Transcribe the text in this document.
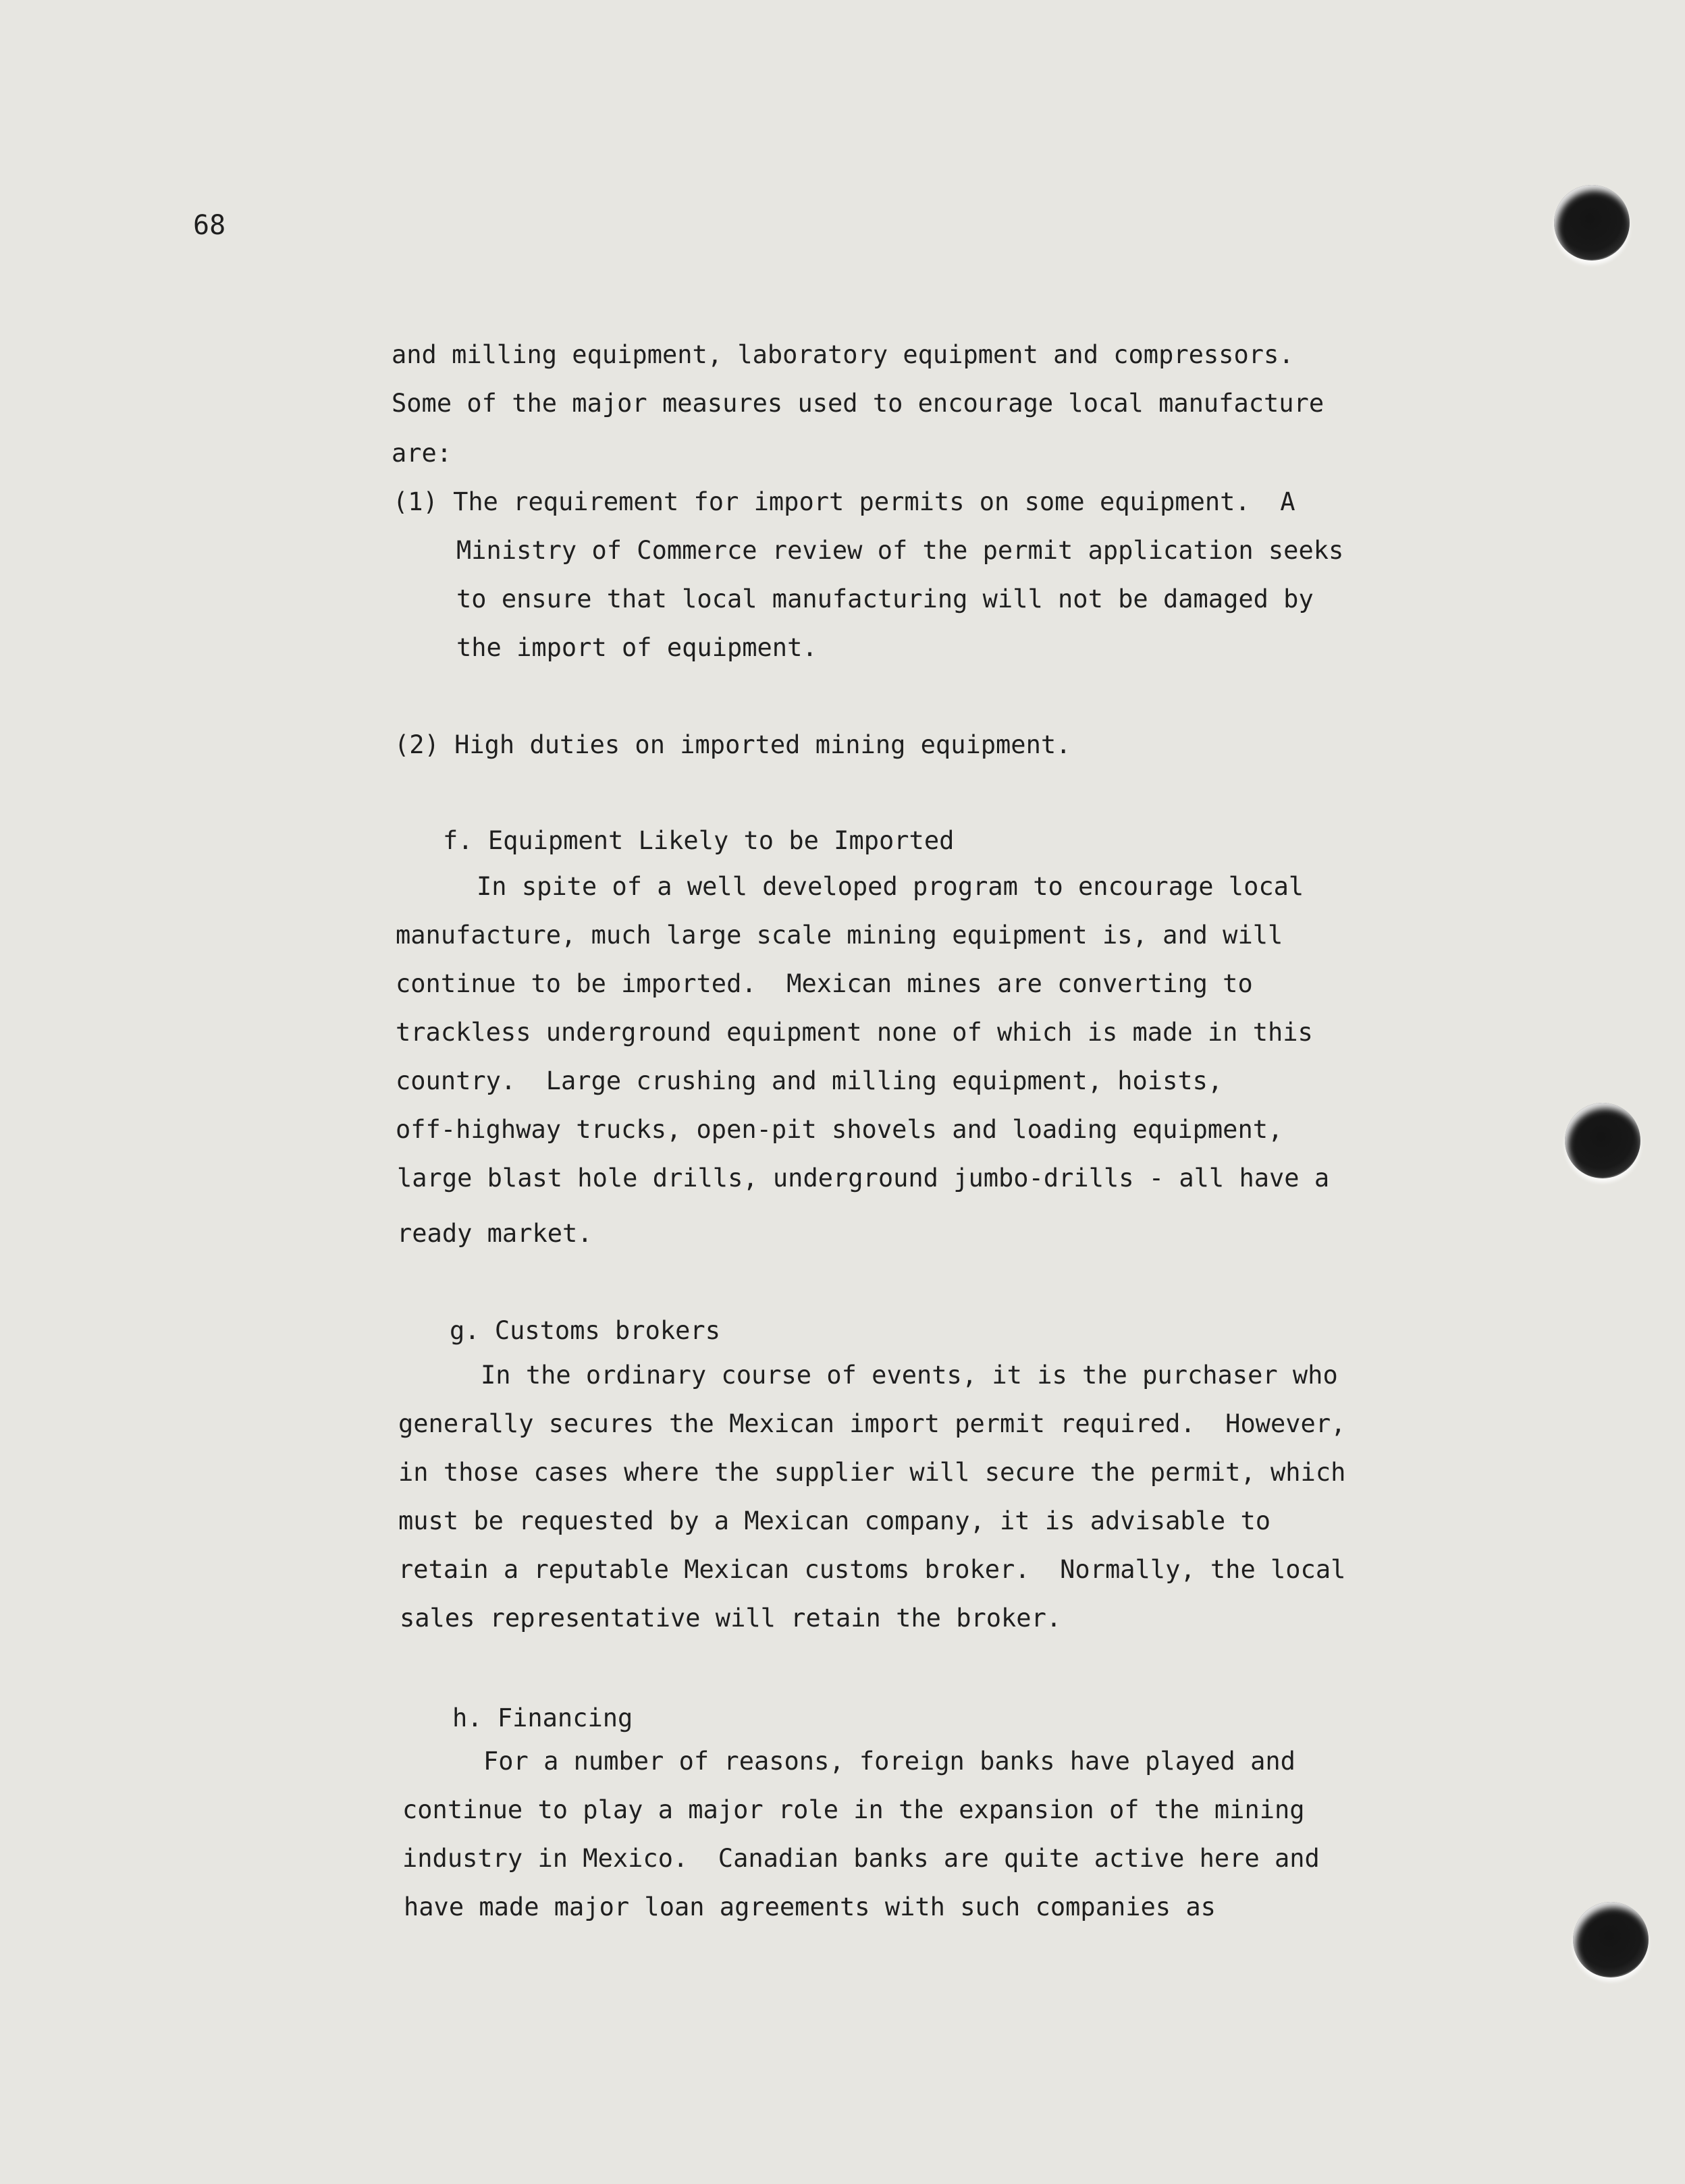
68

and milling equipment, laboratory equipment and compressors.

Some of the major measures used to encourage local manufacture

are:

(1) The requirement for import permits on some equipment.  A

Ministry of Commerce review of the permit application seeks

to ensure that local manufacturing will not be damaged by

the import of equipment.

(2) High duties on imported mining equipment.

f. Equipment Likely to be Imported

In spite of a well developed program to encourage local

manufacture, much large scale mining equipment is, and will

continue to be imported.  Mexican mines are converting to

trackless underground equipment none of which is made in this

country.  Large crushing and milling equipment, hoists,

off-highway trucks, open-pit shovels and loading equipment,

large blast hole drills, underground jumbo-drills - all have a

ready market.

g. Customs brokers

In the ordinary course of events, it is the purchaser who

generally secures the Mexican import permit required.  However,

in those cases where the supplier will secure the permit, which

must be requested by a Mexican company, it is advisable to

retain a reputable Mexican customs broker.  Normally, the local

sales representative will retain the broker.

h. Financing

For a number of reasons, foreign banks have played and

continue to play a major role in the expansion of the mining

industry in Mexico.  Canadian banks are quite active here and

have made major loan agreements with such companies as
